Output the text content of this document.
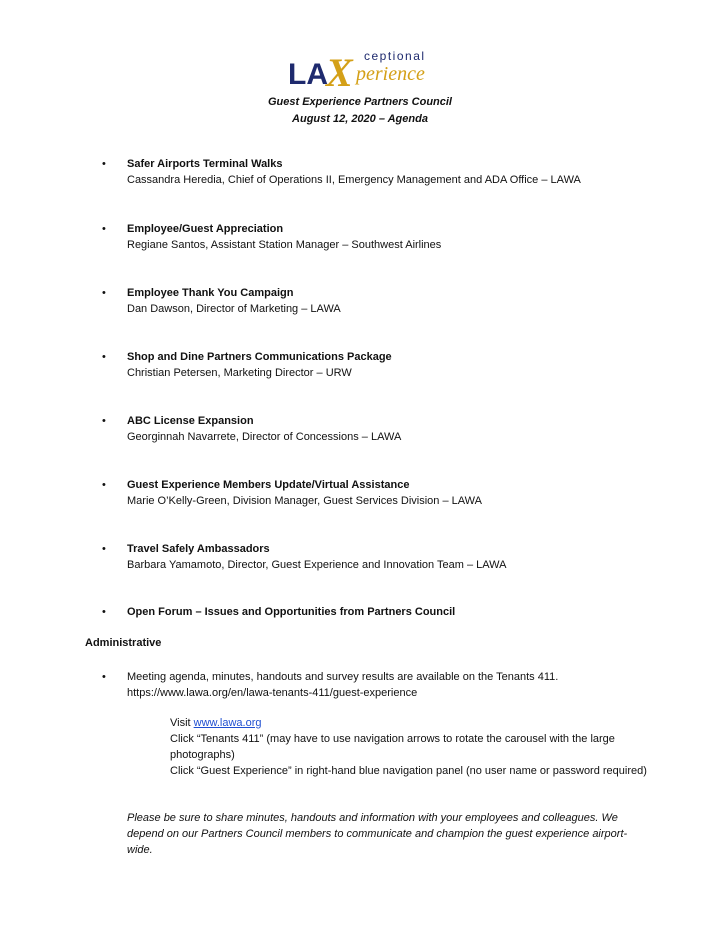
LA
X ceptional
perience
Guest Experience Partners Council
August 12, 2020 – Agenda
•	Safer Airports Terminal Walks
Cassandra Heredia, Chief of Operations II, Emergency Management and ADA Office – LAWA
•	Employee/Guest Appreciation
Regiane Santos, Assistant Station Manager – Southwest Airlines
•	Employee Thank You Campaign
Dan Dawson, Director of Marketing – LAWA
•	Shop and Dine Partners Communications Package
Christian Petersen, Marketing Director – URW
•	ABC License Expansion
Georginnah Navarrete, Director of Concessions – LAWA
•	Guest Experience Members Update/Virtual Assistance
Marie O’Kelly-Green, Division Manager, Guest Services Division – LAWA
•	Travel Safely Ambassadors
Barbara Yamamoto, Director, Guest Experience and Innovation Team – LAWA
•	Open Forum – Issues and Opportunities from Partners Council
Administrative
•	Meeting agenda, minutes, handouts and survey results are available on the Tenants 411.
https://www.lawa.org/en/lawa-tenants-411/guest-experience
Visit www.lawa.org
Click “Tenants 411” (may have to use navigation arrows to rotate the carousel with the large photographs)
Click “Guest Experience” in right-hand blue navigation panel (no user name or password required)
Please be sure to share minutes, handouts and information with your employees and colleagues. We depend on our Partners Council members to communicate and champion the guest experience airport-wide.
